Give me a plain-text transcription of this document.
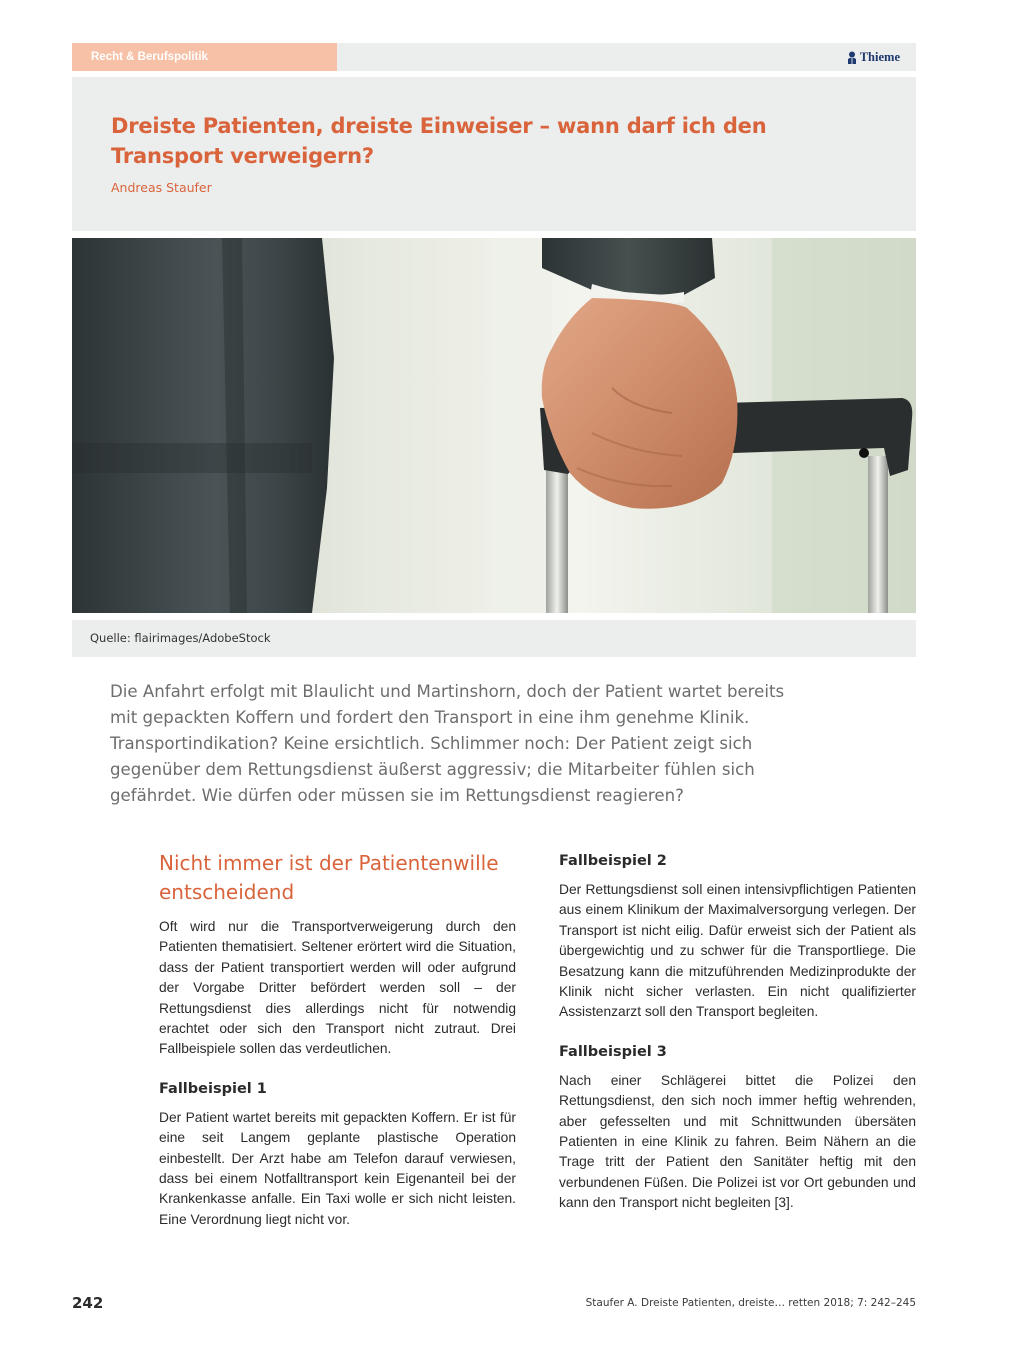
Recht & Berufspolitik	Thieme
Dreiste Patienten, dreiste Einweiser – wann darf ich den Transport verweigern?
Andreas Staufer
Quelle: flairimages/AdobeStock

Die Anfahrt erfolgt mit Blaulicht und Martinshorn, doch der Patient wartet bereits mit gepackten Koffern und fordert den Transport in eine ihm genehme Klinik. Transportindikation? Keine ersichtlich. Schlimmer noch: Der Patient zeigt sich gegenüber dem Rettungsdienst äußerst aggressiv; die Mitarbeiter fühlen sich gefährdet. Wie dürfen oder müssen sie im Rettungsdienst reagieren?

Nicht immer ist der Patientenwille entscheidend

Oft wird nur die Transportverweigerung durch den Patienten thematisiert. Seltener erörtert wird die Situation, dass der Patient transportiert werden will oder aufgrund der Vorgabe Dritter befördert werden soll – der Rettungsdienst dies allerdings nicht für notwendig erachtet oder sich den Transport nicht zutraut. Drei Fallbeispiele sollen das verdeutlichen.

Fallbeispiel 1

Der Patient wartet bereits mit gepackten Koffern. Er ist für eine seit Langem geplante plastische Operation einbestellt. Der Arzt habe am Telefon darauf verwiesen, dass bei einem Notfalltransport kein Eigenanteil bei der Krankenkasse anfalle. Ein Taxi wolle er sich nicht leisten. Eine Verordnung liegt nicht vor.

Fallbeispiel 2

Der Rettungsdienst soll einen intensivpflichtigen Patienten aus einem Klinikum der Maximalversorgung verlegen. Der Transport ist nicht eilig. Dafür erweist sich der Patient als übergewichtig und zu schwer für die Transportliege. Die Besatzung kann die mitzuführenden Medizinprodukte der Klinik nicht sicher verlasten. Ein nicht qualifizierter Assistenzarzt soll den Transport begleiten.

Fallbeispiel 3

Nach einer Schlägerei bittet die Polizei den Rettungsdienst, den sich noch immer heftig wehrenden, aber gefesselten und mit Schnittwunden übersäten Patienten in eine Klinik zu fahren. Beim Nähern an die Trage tritt der Patient den Sanitäter heftig mit den verbundenen Füßen. Die Polizei ist vor Ort gebunden und kann den Transport nicht begleiten [3].

242	Staufer A. Dreiste Patienten, dreiste… retten 2018; 7: 242–245
